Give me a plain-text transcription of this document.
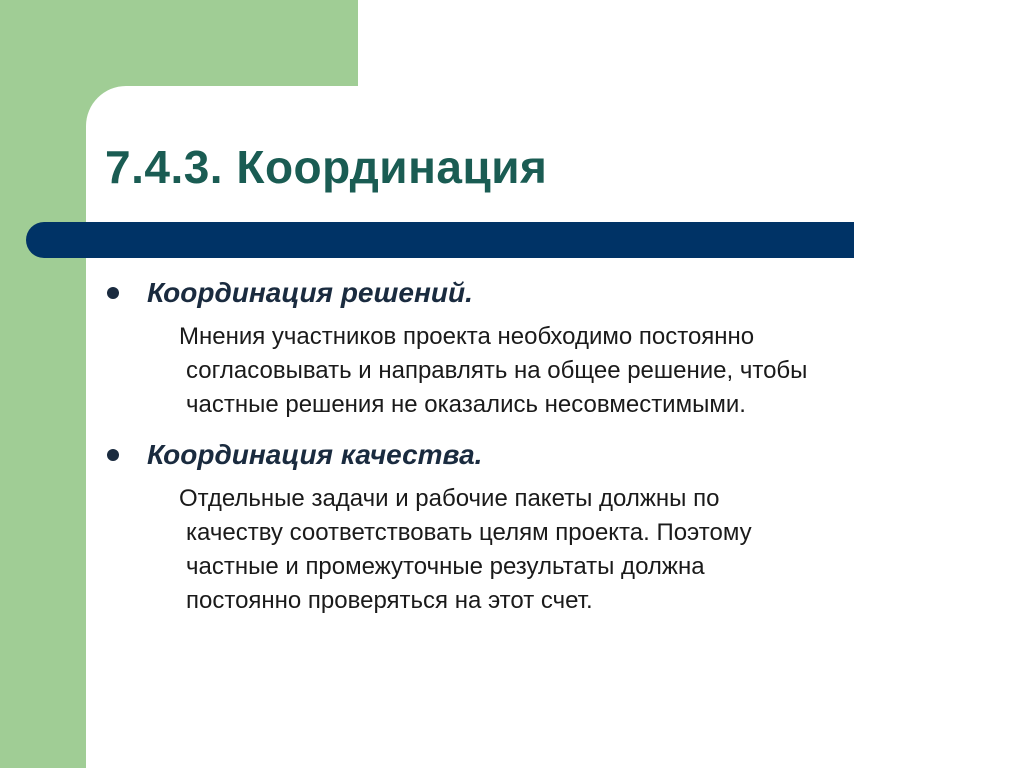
7.4.3. Координация
Координация решений.
Мнения участников проекта необходимо постоянно
согласовывать и направлять на общее решение, чтобы
частные решения не оказались несовместимыми.
Координация качества.
Отдельные задачи и рабочие пакеты должны по
качеству соответствовать целям проекта. Поэтому
частные и промежуточные результаты должна
постоянно проверяться на этот счет.
